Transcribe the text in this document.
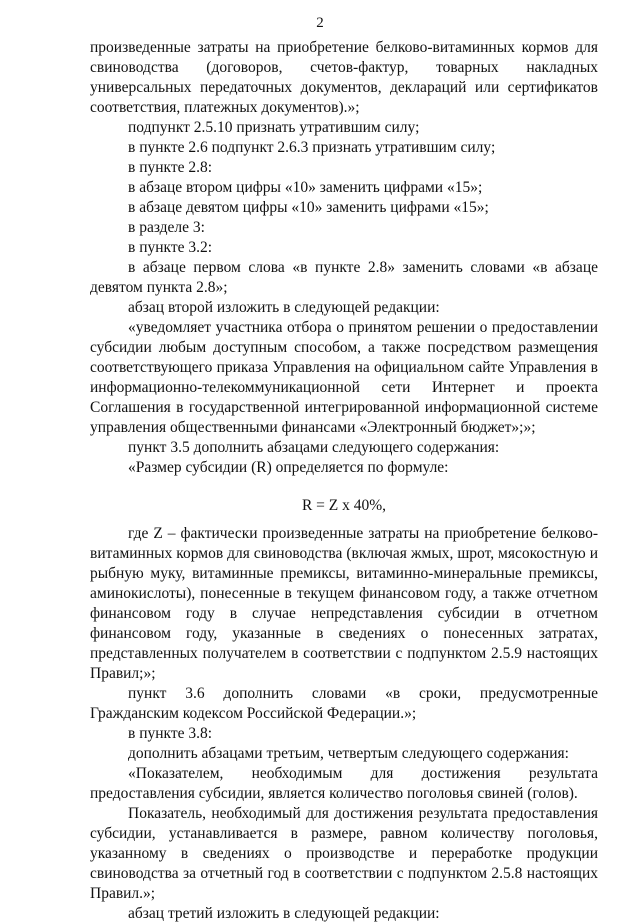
2

произведенные затраты на приобретение белково-витаминных кормов для свиноводства (договоров, счетов-фактур, товарных накладных универсальных передаточных документов, деклараций или сертификатов соответствия, платежных документов).»;

подпункт 2.5.10 признать утратившим силу;

в пункте 2.6 подпункт 2.6.3 признать утратившим силу;

в пункте 2.8:

в абзаце втором цифры «10» заменить цифрами «15»;

в абзаце девятом цифры «10» заменить цифрами «15»;

в разделе 3:

в пункте 3.2:

в абзаце первом слова «в пункте 2.8» заменить словами «в абзаце девятом пункта 2.8»;

абзац второй изложить в следующей редакции:

«уведомляет участника отбора о принятом решении о предоставлении субсидии любым доступным способом, а также посредством размещения соответствующего приказа Управления на официальном сайте Управления в информационно-телекоммуникационной сети Интернет и проекта Соглашения в государственной интегрированной информационной системе управления общественными финансами «Электронный бюджет»;»;

пункт 3.5 дополнить абзацами следующего содержания:

«Размер субсидии (R) определяется по формуле:

R = Z x 40%,

где Z – фактически произведенные затраты на приобретение белково-витаминных кормов для свиноводства (включая жмых, шрот, мясокостную и рыбную муку, витаминные премиксы, витаминно-минеральные премиксы, аминокислоты), понесенные в текущем финансовом году, а также отчетном финансовом году в случае непредставления субсидии в отчетном финансовом году, указанные в сведениях о понесенных затратах, представленных получателем в соответствии с подпунктом 2.5.9 настоящих Правил;»;

пункт 3.6 дополнить словами «в сроки, предусмотренные Гражданским кодексом Российской Федерации.»;

в пункте 3.8:

дополнить абзацами третьим, четвертым следующего содержания:

«Показателем, необходимым для достижения результата предоставления субсидии, является количество поголовья свиней (голов).

Показатель, необходимый для достижения результата предоставления субсидии, устанавливается в размере, равном количеству поголовья, указанному в сведениях о производстве и переработке продукции свиноводства за отчетный год в соответствии с подпунктом 2.5.8 настоящих Правил.»;

абзац третий изложить в следующей редакции:
